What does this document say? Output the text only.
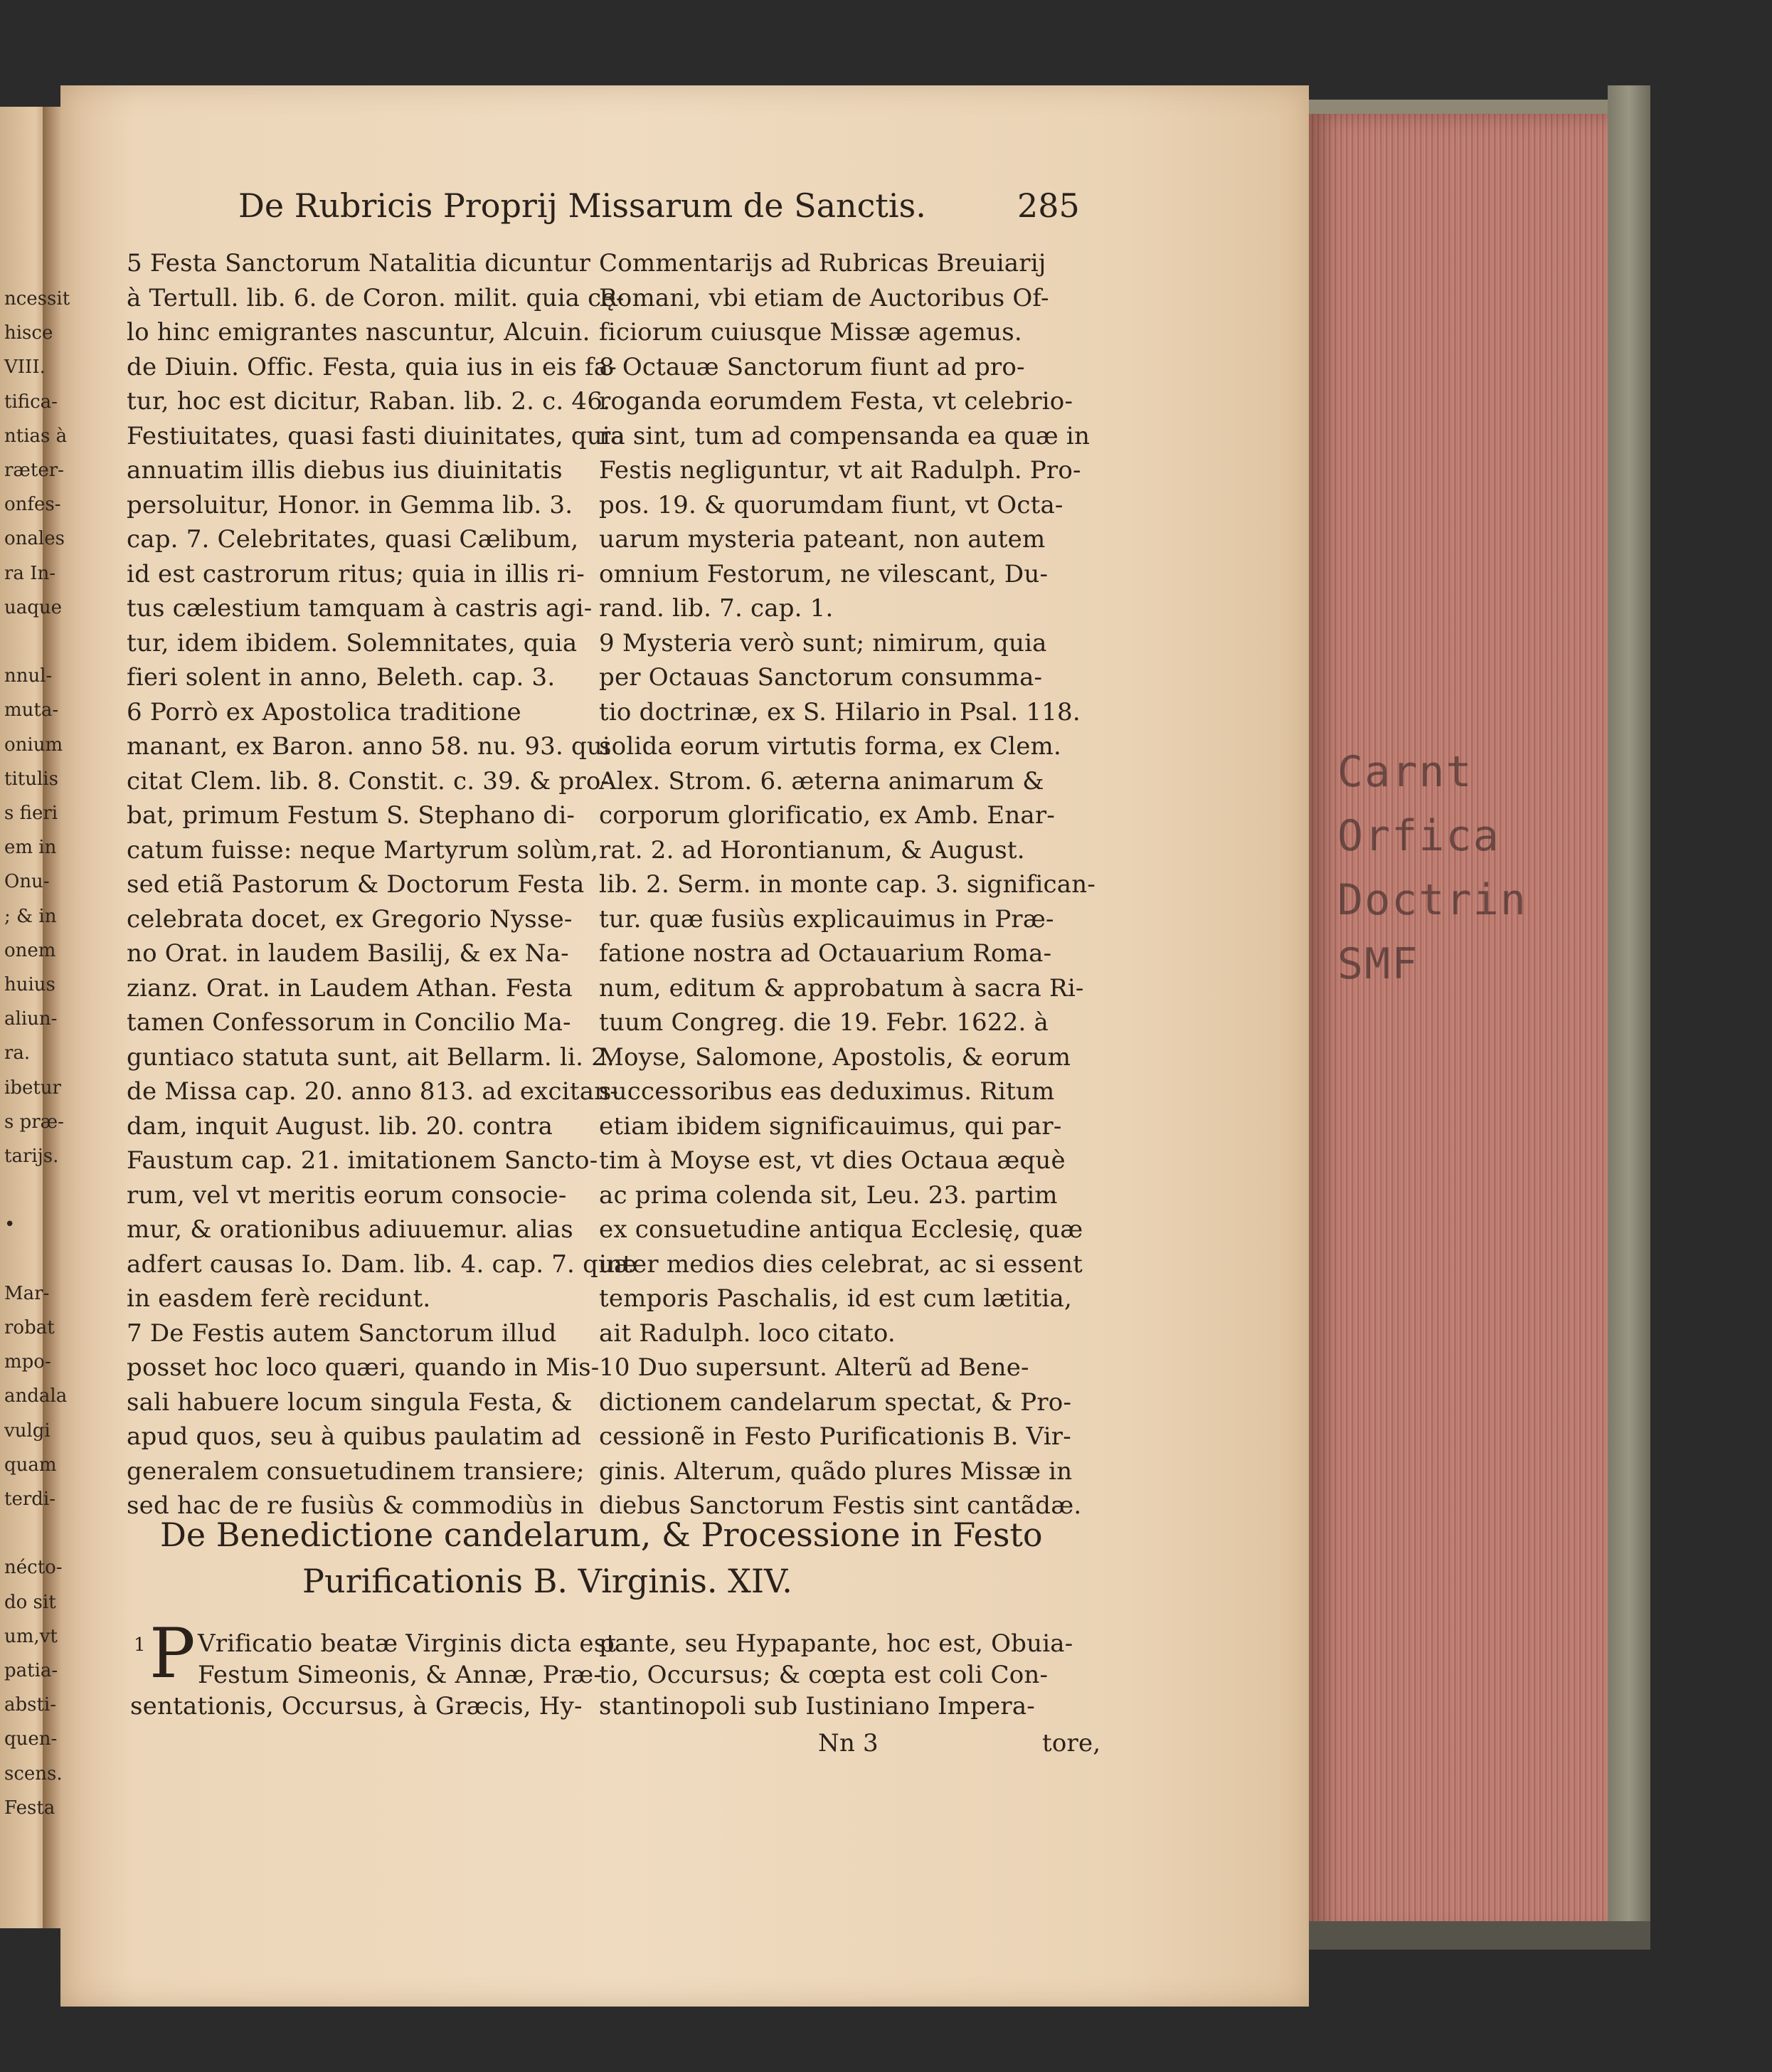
Carnt
Orfica
Doctrin
SMF
De Rubricis Proprij Missarum de Sanctis.	285
De Benedictione candelarum, & Processione in Festo
Purificationis B. Virginis. XIV.
1 P Vrificatio beatæ Virginis dicta est
Festum Simeonis, & Annæ, Præ-
sentationis, Occursus, à Græcis, Hy-
pante, seu Hypapante, hoc est, Obuia-
tio, Occursus; & cœpta est coli Con-
stantinopoli sub Iustiniano Impera-
Nn 3	tore,
5 Festa Sanctorum Natalitia dicuntur
à Tertull. lib. 6. de Coron. milit. quia cę-
lo hinc emigrantes nascuntur, Alcuin.
de Diuin. Offic. Festa, quia ius in eis fa-
tur, hoc est dicitur, Raban. lib. 2. c. 46.
Festiuitates, quasi fasti diuinitates, quia
annuatim illis diebus ius diuinitatis
persoluitur, Honor. in Gemma lib. 3.
cap. 7. Celebritates, quasi Cælibum,
id est castrorum ritus; quia in illis ri-
tus cælestium tamquam à castris agi-
tur, idem ibidem. Solemnitates, quia
fieri solent in anno, Beleth. cap. 3.
6 Porrò ex Apostolica traditione
manant, ex Baron. anno 58. nu. 93. qui
citat Clem. lib. 8. Constit. c. 39. & pro-
bat, primum Festum S. Stephano di-
catum fuisse: neque Martyrum solùm,
sed etiã Pastorum & Doctorum Festa
celebrata docet, ex Gregorio Nysse-
no Orat. in laudem Basilij, & ex Na-
zianz. Orat. in Laudem Athan. Festa
tamen Confessorum in Concilio Ma-
guntiaco statuta sunt, ait Bellarm. li. 2.
de Missa cap. 20. anno 813. ad excitan-
dam, inquit August. lib. 20. contra
Faustum cap. 21. imitationem Sancto-
rum, vel vt meritis eorum consocie-
mur, & orationibus adiuuemur. alias
adfert causas Io. Dam. lib. 4. cap. 7. quæ
in easdem ferè recidunt.
7 De Festis autem Sanctorum illud
posset hoc loco quæri, quando in Mis-
sali habuere locum singula Festa, &
apud quos, seu à quibus paulatim ad
generalem consuetudinem transiere;
sed hac de re fusiùs & commodiùs in
Commentarijs ad Rubricas Breuiarij
Romani, vbi etiam de Auctoribus Of-
ficiorum cuiusque Missæ agemus.
8 Octauæ Sanctorum fiunt ad pro-
roganda eorumdem Festa, vt celebrio-
ra sint, tum ad compensanda ea quæ in
Festis negliguntur, vt ait Radulph. Pro-
pos. 19. & quorumdam fiunt, vt Octa-
uarum mysteria pateant, non autem
omnium Festorum, ne vilescant, Du-
rand. lib. 7. cap. 1.
9 Mysteria verò sunt; nimirum, quia
per Octauas Sanctorum consumma-
tio doctrinæ, ex S. Hilario in Psal. 118.
solida eorum virtutis forma, ex Clem.
Alex. Strom. 6. æterna animarum &
corporum glorificatio, ex Amb. Enar-
rat. 2. ad Horontianum, & August.
lib. 2. Serm. in monte cap. 3. significan-
tur. quæ fusiùs explicauimus in Præ-
fatione nostra ad Octauarium Roma-
num, editum & approbatum à sacra Ri-
tuum Congreg. die 19. Febr. 1622. à
Moyse, Salomone, Apostolis, & eorum
successoribus eas deduximus. Ritum
etiam ibidem significauimus, qui par-
tim à Moyse est, vt dies Octaua æquè
ac prima colenda sit, Leu. 23. partim
ex consuetudine antiqua Ecclesię, quæ
inter medios dies celebrat, ac si essent
temporis Paschalis, id est cum lætitia,
ait Radulph. loco citato.
10 Duo supersunt. Alterũ ad Bene-
dictionem candelarum spectat, & Pro-
cessionẽ in Festo Purificationis B. Vir-
ginis. Alterum, quãdo plures Missæ in
diebus Sanctorum Festis sint cantãdæ.
ncessit
hisce
VIII.
tifica-
ntias à
ræter-
onfes-
onales
ra In-
uaque
nnul-
muta-
onium
titulis
s fieri
em in
Onu-
; & in
onem
huius
aliun-
ra.
ibetur
s præ-
tarijs.
•
Mar-
robat
mpo-
andala
vulgi
quam
terdi-
nécto-
do sit
um,vt
patia-
absti-
quen-
scens.
Festa
